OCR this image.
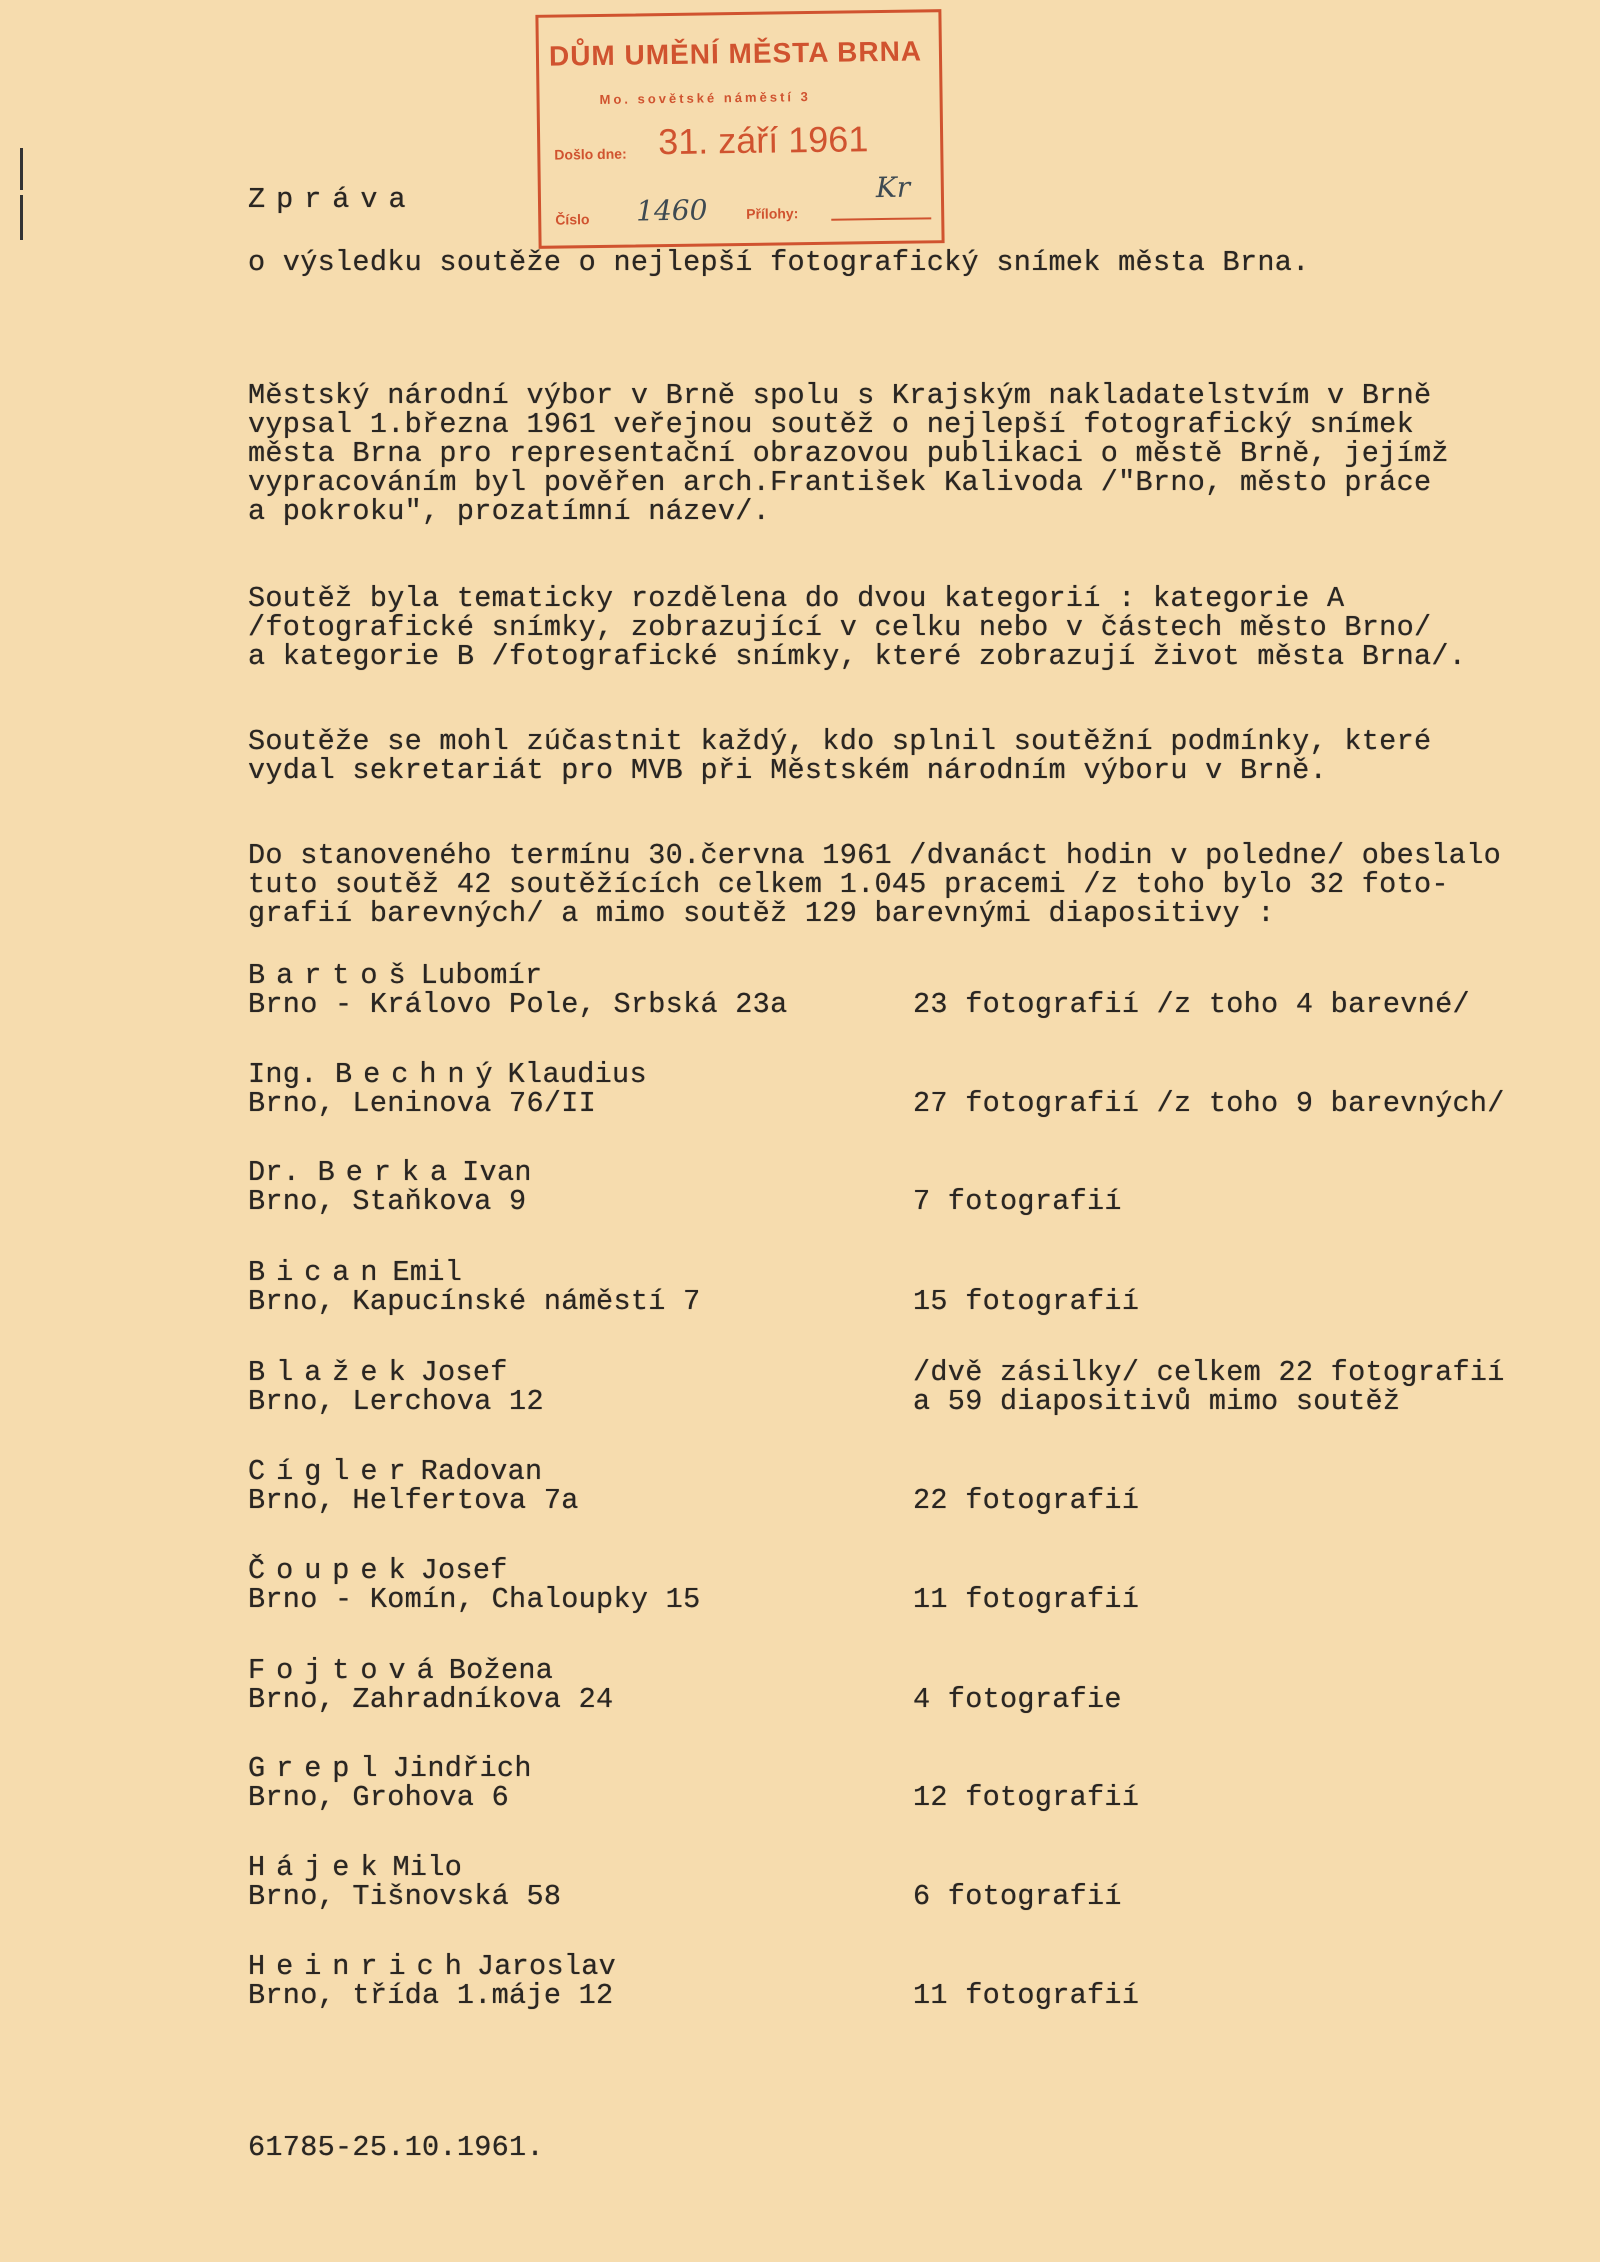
DŮM UMĚNÍ MĚSTA BRNA
Mo. sovětské náměstí 3
Došlo dne: 31. září 1961
Číslo 1460	Přílohy:
Kr
Zpráva
o výsledku soutěže o nejlepší fotografický snímek města Brna.
Městský národní výbor v Brně spolu s Krajským nakladatelstvím v Brně
vypsal 1.března 1961 veřejnou soutěž o nejlepší fotografický snímek
města Brna pro representační obrazovou publikaci o městě Brně, jejímž
vypracováním byl pověřen arch.František Kalivoda /"Brno, město práce
a pokroku", prozatímní název/.
Soutěž byla tematicky rozdělena do dvou kategorií : kategorie A
/fotografické snímky, zobrazující v celku nebo v částech město Brno/
a kategorie B /fotografické snímky, které zobrazují život města Brna/.
Soutěže se mohl zúčastnit každý, kdo splnil soutěžní podmínky, které
vydal sekretariát pro MVB při Městském národním výboru v Brně.
Do stanoveného termínu 30.června 1961 /dvanáct hodin v poledne/ obeslalo
tuto soutěž 42 soutěžících celkem 1.045 pracemi /z toho bylo 32 foto-
grafií barevných/ a mimo soutěž 129 barevnými diapositivy :
Bartoš Lubomír
Brno - Královo Pole, Srbská 23a	23 fotografií /z toho 4 barevné/
Ing. Bechný Klaudius
Brno, Leninova 76/II	27 fotografií /z toho 9 barevných/
Dr. Berka Ivan
Brno, Staňkova 9	7 fotografií
Bican Emil
Brno, Kapucínské náměstí 7	15 fotografií
Blažek Josef
Brno, Lerchova 12
/dvě zásilky/ celkem 22 fotografií
a 59 diapositivů mimo soutěž
Cígler Radovan
Brno, Helfertova 7a	22 fotografií
Čoupek Josef
Brno - Komín, Chaloupky 15	11 fotografií
Fojtová Božena
Brno, Zahradníkova 24	4 fotografie
Grepl Jindřich
Brno, Grohova 6	12 fotografií
Hájek Milo
Brno, Tišnovská 58	6 fotografií
Heinrich Jaroslav
Brno, třída 1.máje 12	11 fotografií
61785-25.10.1961.
